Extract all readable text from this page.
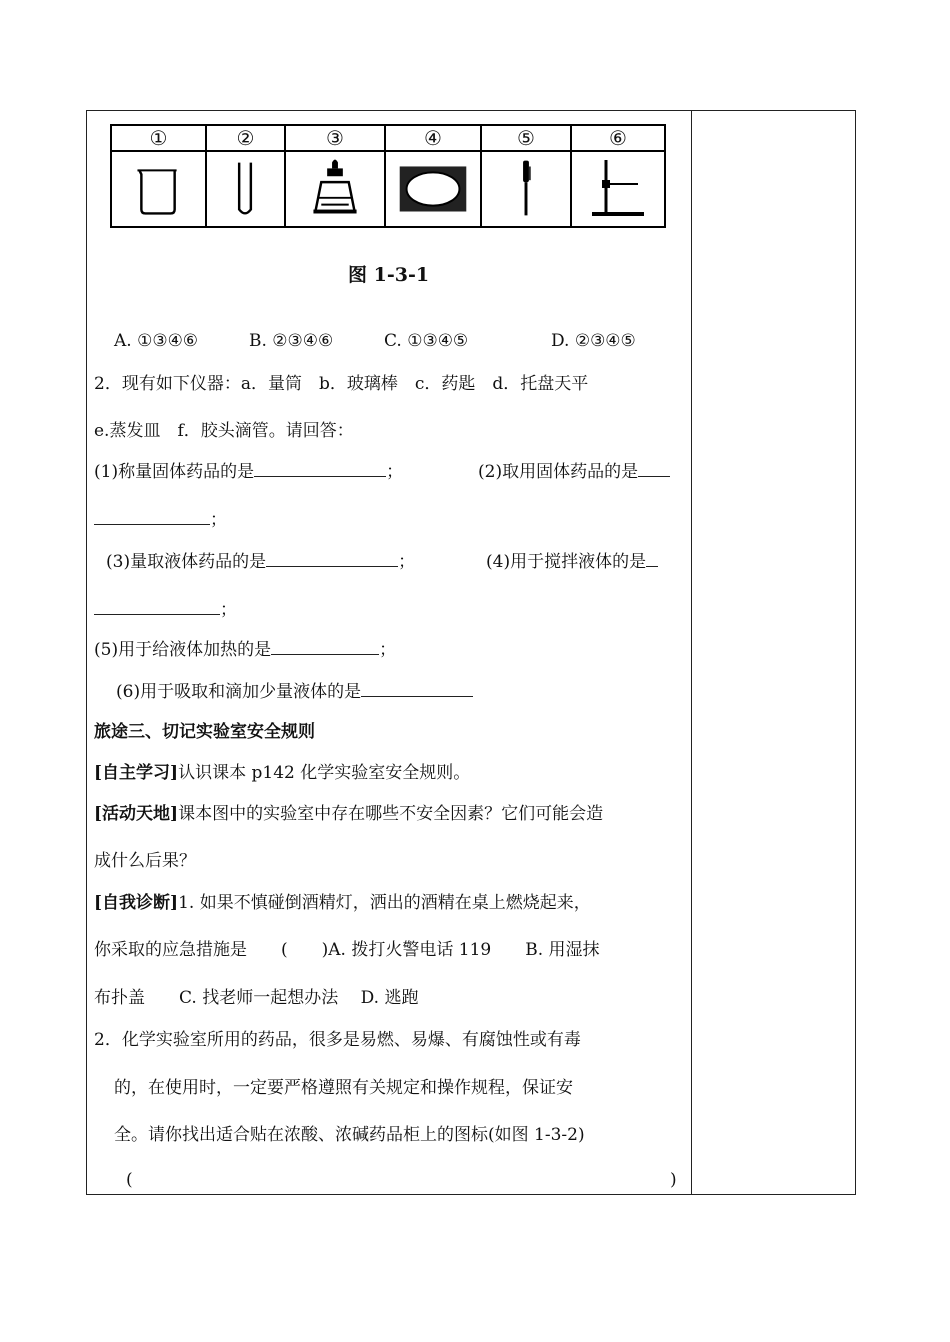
①	②	③	④	⑤	⑥
图 1-3-1
A. ①③④⑥	B. ②③④⑥	C. ①③④⑤	D. ②③④⑤
2．现有如下仪器：a．量筒　b．玻璃棒　c．药匙　d．托盘天平
e.蒸发皿　f．胶头滴管。请回答：
(1)称量固体药品的是	；	(2)取用固体药品的是
；
(3)量取液体药品的是	；	(4)用于搅拌液体的是
；
(5)用于给液体加热的是	；
(6)用于吸取和滴加少量液体的是
旅途三、切记实验室安全规则
[自主学习]认识课本 p142 化学实验室安全规则。
[活动天地]课本图中的实验室中存在哪些不安全因素？它们可能会造
成什么后果？
[自我诊断]1. 如果不慎碰倒酒精灯，洒出的酒精在桌上燃烧起来，
你采取的应急措施是　　(　　)A. 拨打火警电话 119　　B. 用湿抹
布扑盖　　C. 找老师一起想办法　 D. 逃跑
2．化学实验室所用的药品，很多是易燃、易爆、有腐蚀性或有毒
的，在使用时，一定要严格遵照有关规定和操作规程，保证安
全。请你找出适合贴在浓酸、浓碱药品柜上的图标(如图 1-3-2)
(	)
